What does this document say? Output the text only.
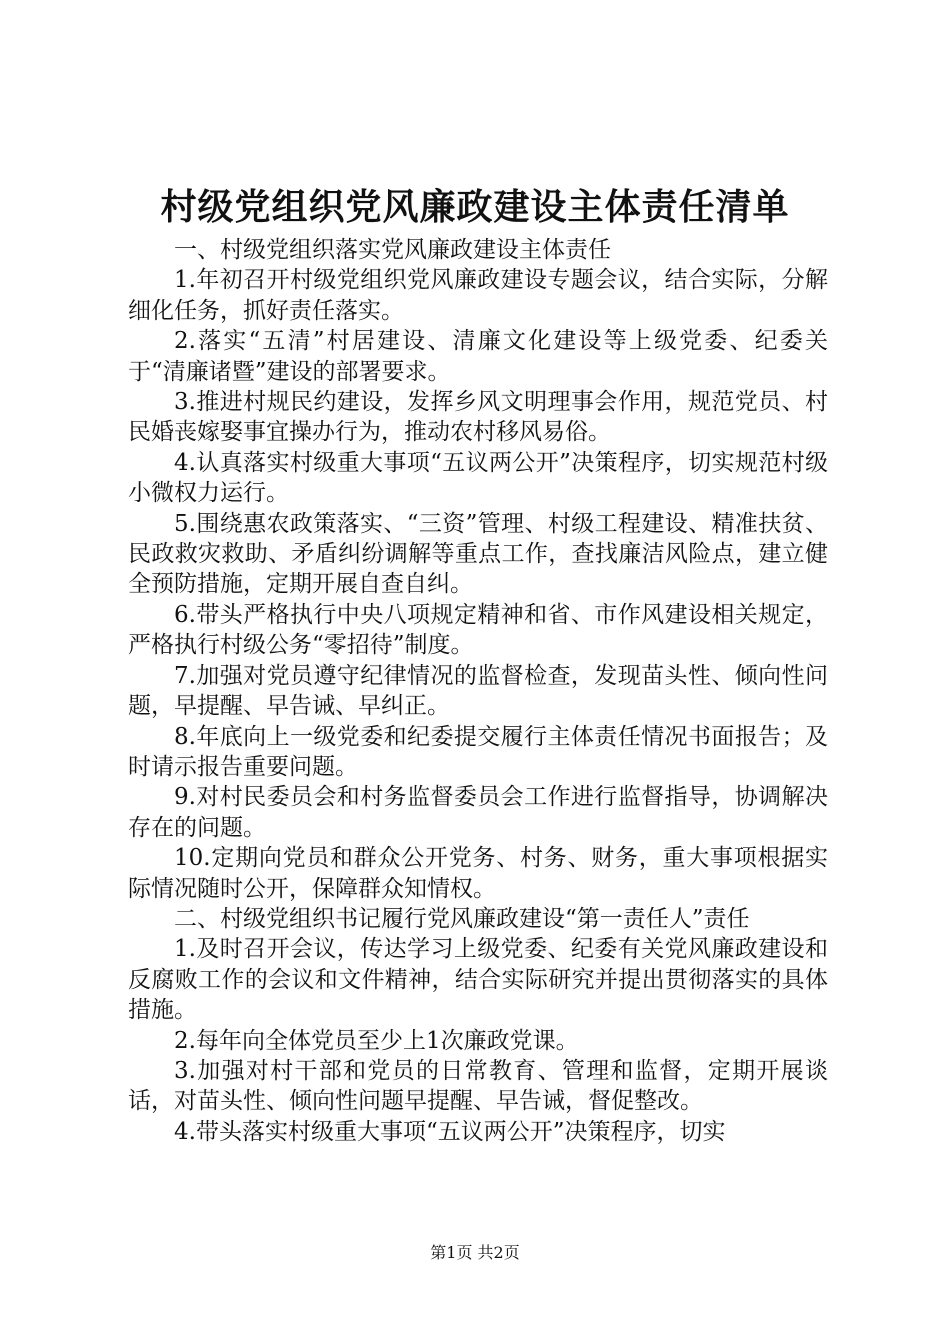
村级党组织党风廉政建设主体责任清单

一、村级党组织落实党风廉政建设主体责任

1.年初召开村级党组织党风廉政建设专题会议，结合实际，分解细化任务，抓好责任落实。

2.落实“五清”村居建设、清廉文化建设等上级党委、纪委关于“清廉诸暨”建设的部署要求。

3.推进村规民约建设，发挥乡风文明理事会作用，规范党员、村民婚丧嫁娶事宜操办行为，推动农村移风易俗。

4.认真落实村级重大事项“五议两公开”决策程序，切实规范村级小微权力运行。

5.围绕惠农政策落实、“三资”管理、村级工程建设、精准扶贫、民政救灾救助、矛盾纠纷调解等重点工作，查找廉洁风险点，建立健全预防措施，定期开展自查自纠。

6.带头严格执行中央八项规定精神和省、市作风建设相关规定，严格执行村级公务“零招待”制度。

7.加强对党员遵守纪律情况的监督检查，发现苗头性、倾向性问题，早提醒、早告诫、早纠正。

8.年底向上一级党委和纪委提交履行主体责任情况书面报告；及时请示报告重要问题。

9.对村民委员会和村务监督委员会工作进行监督指导，协调解决存在的问题。

10.定期向党员和群众公开党务、村务、财务，重大事项根据实际情况随时公开，保障群众知情权。

二、村级党组织书记履行党风廉政建设“第一责任人”责任

1.及时召开会议，传达学习上级党委、纪委有关党风廉政建设和反腐败工作的会议和文件精神，结合实际研究并提出贯彻落实的具体措施。

2.每年向全体党员至少上1次廉政党课。

3.加强对村干部和党员的日常教育、管理和监督，定期开展谈话，对苗头性、倾向性问题早提醒、早告诫，督促整改。

4.带头落实村级重大事项“五议两公开”决策程序，切实

第1页 共2页
